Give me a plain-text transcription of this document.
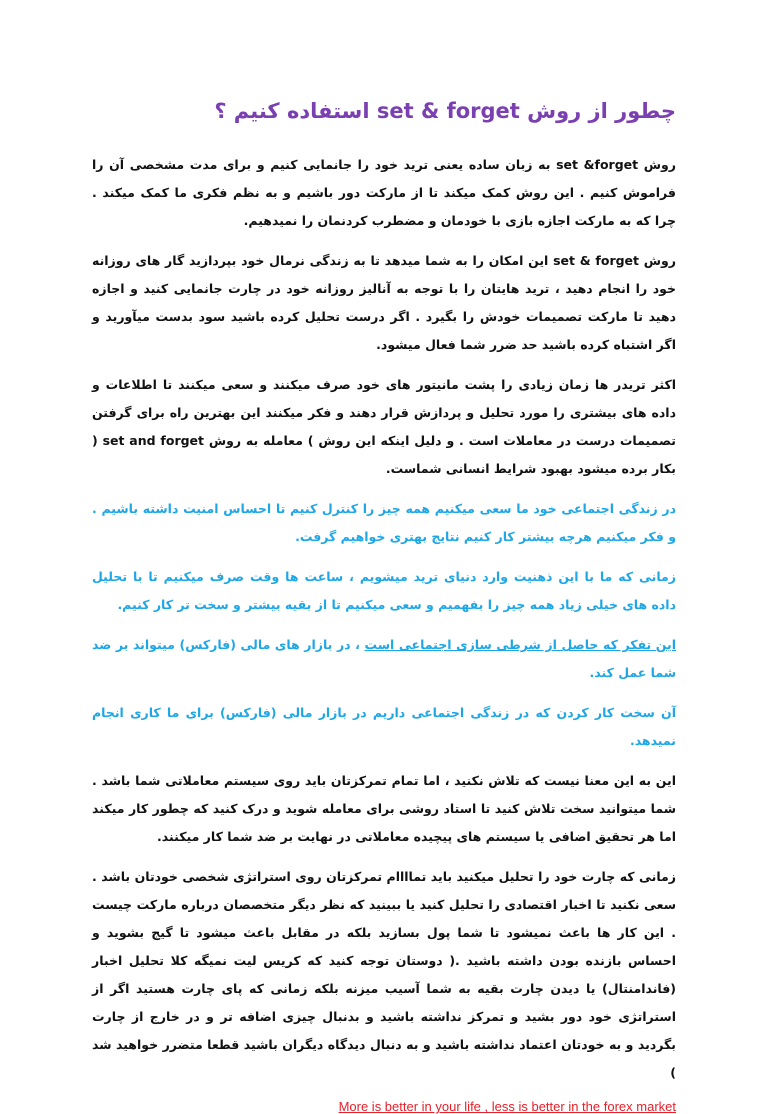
چطور از روش set & forget استفاده کنیم ؟

روش set &forget به زبان ساده یعنی ترید خود را جانمایی کنیم و برای مدت مشخصی آن را فراموش کنیم . این روش کمک میکند تا از مارکت دور باشیم و به نظم فکری ما کمک میکند . چرا که به مارکت اجازه بازی با خودمان و مضطرب کردنمان را نمیدهیم.

روش set & forget این امکان را به شما میدهد تا به زندگی نرمال خود بپردازید گار های روزانه خود را انجام دهید ، ترید هایتان را با توجه به آنالیز روزانه خود در چارت جانمایی کنید و اجازه دهید تا مارکت تصمیمات خودش را بگیرد . اگر درست تحلیل کرده باشید سود بدست میآورید و اگر اشتباه کرده باشید حد ضرر شما فعال میشود.

اکثر تریدر ها زمان زیادی را پشت مانیتور های خود صرف میکنند و سعی میکنند تا اطلاعات و داده های بیشتری را مورد تحلیل و پردازش قرار دهند و فکر میکنند این بهترین راه برای گرفتن تصمیمات درست در معاملات است . و دلیل اینکه این روش ) معامله به روش set and forget ( بکار برده میشود بهبود شرایط انسانی شماست.

در زندگی اجتماعی خود ما سعی میکنیم همه چیز را کنترل کنیم تا احساس امنیت داشته باشیم . و فکر میکنیم هرچه بیشتر کار کنیم نتایج بهتری خواهیم گرفت.

زمانی که ما با این ذهنیت وارد دنیای ترید میشویم ، ساعت ها وقت صرف میکنیم تا با تحلیل داده های خیلی زیاد همه چیز را بفهمیم و سعی میکنیم تا از بقیه بیشتر و سخت تر کار کنیم.

این تفکر که حاصل از شرطی سازی اجتماعی است ، در بازار های مالی (فارکس) میتواند بر ضد شما عمل کند.

آن سخت کار کردن که در زندگی اجتماعی داریم در بازار مالی (فارکس) برای ما کاری انجام نمیدهد.

این به این معنا نیست که تلاش نکنید ، اما تمام تمرکزتان باید روی سیستم معاملاتی شما باشد . شما میتوانید سخت تلاش کنید تا استاد روشی برای معامله شوید و درک کنید که چطور کار میکند اما هر تحقیق اضافی یا سیستم های پیچیده معاملاتی در نهایت بر ضد شما کار میکنند.

زمانی که چارت خود را تحلیل میکنید باید تماااام تمرکزتان روی استراتژی شخصی خودتان باشد . سعی نکنید تا اخبار اقتصادی را تحلیل کنید یا ببینید که نظر دیگر متخصصان درباره مارکت چیست . این کار ها باعث نمیشود تا شما پول بسازید بلکه در مقابل باعث میشود تا گیج بشوید و احساس بازنده بودن داشته باشید .( دوستان توجه کنید که کریس لیت نمیگه کلا تحلیل اخبار (فاندامنتال) یا دیدن چارت بقیه به شما آسیب میزنه بلکه زمانی که پای چارت هستید اگر از استراتژی خود دور بشید و تمرکز نداشته باشید و بدنبال چیزی اضافه تر و در خارج از چارت بگردید و به خودتان اعتماد نداشته باشید و به دنبال دیدگاه دیگران باشید قطعا متضرر خواهید شد )

More is better in your life , less is better in the forex market
